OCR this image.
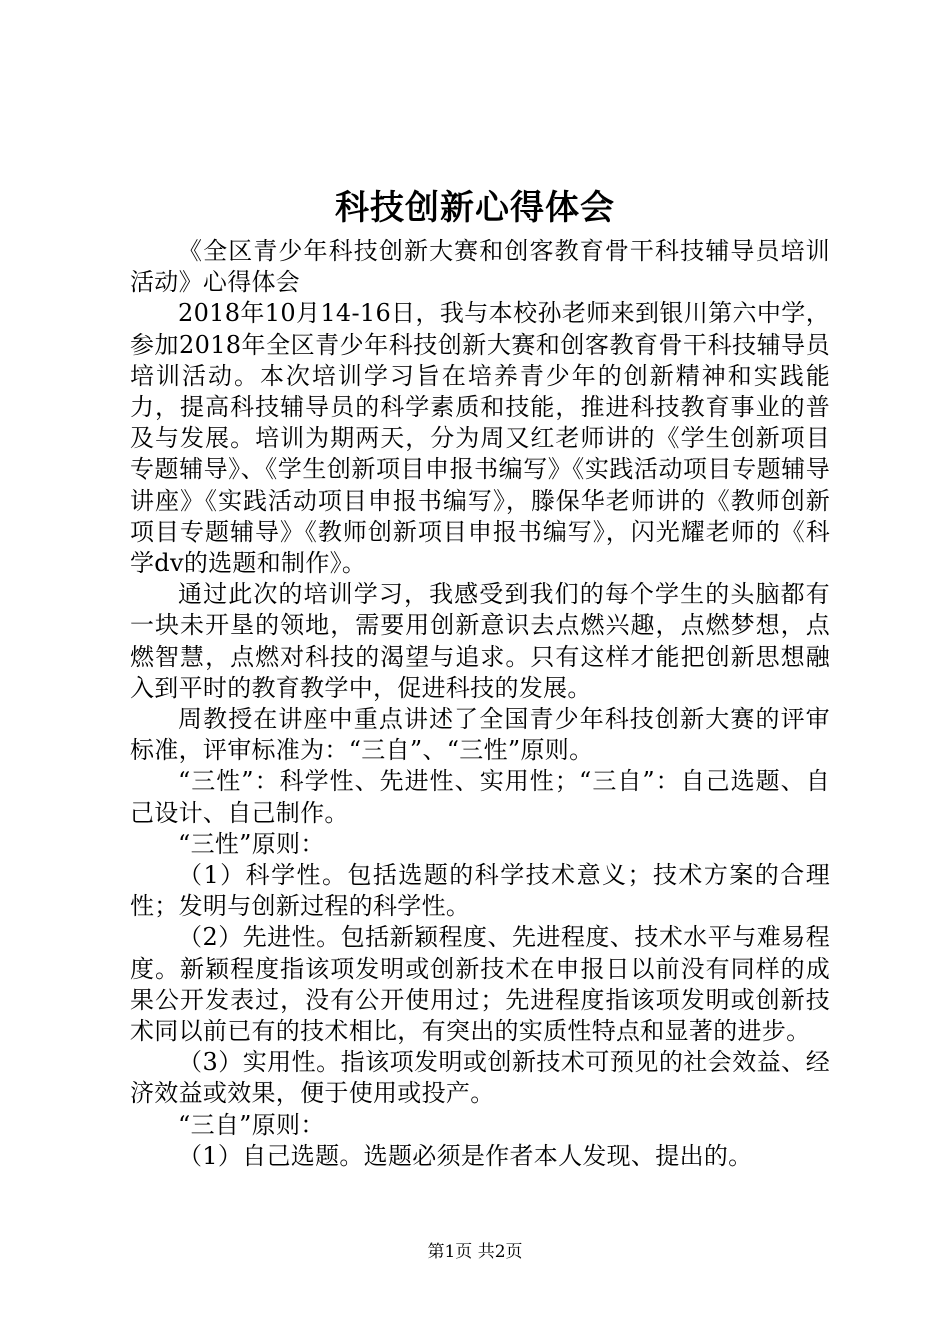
科技创新心得体会

《全区青少年科技创新大赛和创客教育骨干科技辅导员培训活动》心得体会

2018年10月14-16日，我与本校孙老师来到银川第六中学，参加2018年全区青少年科技创新大赛和创客教育骨干科技辅导员培训活动。本次培训学习旨在培养青少年的创新精神和实践能力，提高科技辅导员的科学素质和技能，推进科技教育事业的普及与发展。培训为期两天，分为周又红老师讲的《学生创新项目专题辅导》、《学生创新项目申报书编写》《实践活动项目专题辅导讲座》《实践活动项目申报书编写》，滕保华老师讲的《教师创新项目专题辅导》《教师创新项目申报书编写》，闪光耀老师的《科学dv的选题和制作》。

通过此次的培训学习，我感受到我们的每个学生的头脑都有一块未开垦的领地，需要用创新意识去点燃兴趣，点燃梦想，点燃智慧，点燃对科技的渴望与追求。只有这样才能把创新思想融入到平时的教育教学中，促进科技的发展。

周教授在讲座中重点讲述了全国青少年科技创新大赛的评审标准，评审标准为：“三自”、“三性”原则。

“三性”：科学性、先进性、实用性；“三自”：自己选题、自己设计、自己制作。

“三性”原则：

（1）科学性。包括选题的科学技术意义；技术方案的合理性；发明与创新过程的科学性。

（2）先进性。包括新颖程度、先进程度、技术水平与难易程度。新颖程度指该项发明或创新技术在申报日以前没有同样的成果公开发表过，没有公开使用过；先进程度指该项发明或创新技术同以前已有的技术相比，有突出的实质性特点和显著的进步。

（3）实用性。指该项发明或创新技术可预见的社会效益、经济效益或效果，便于使用或投产。

“三自”原则：

（1）自己选题。选题必须是作者本人发现、提出的。

第1页 共2页
